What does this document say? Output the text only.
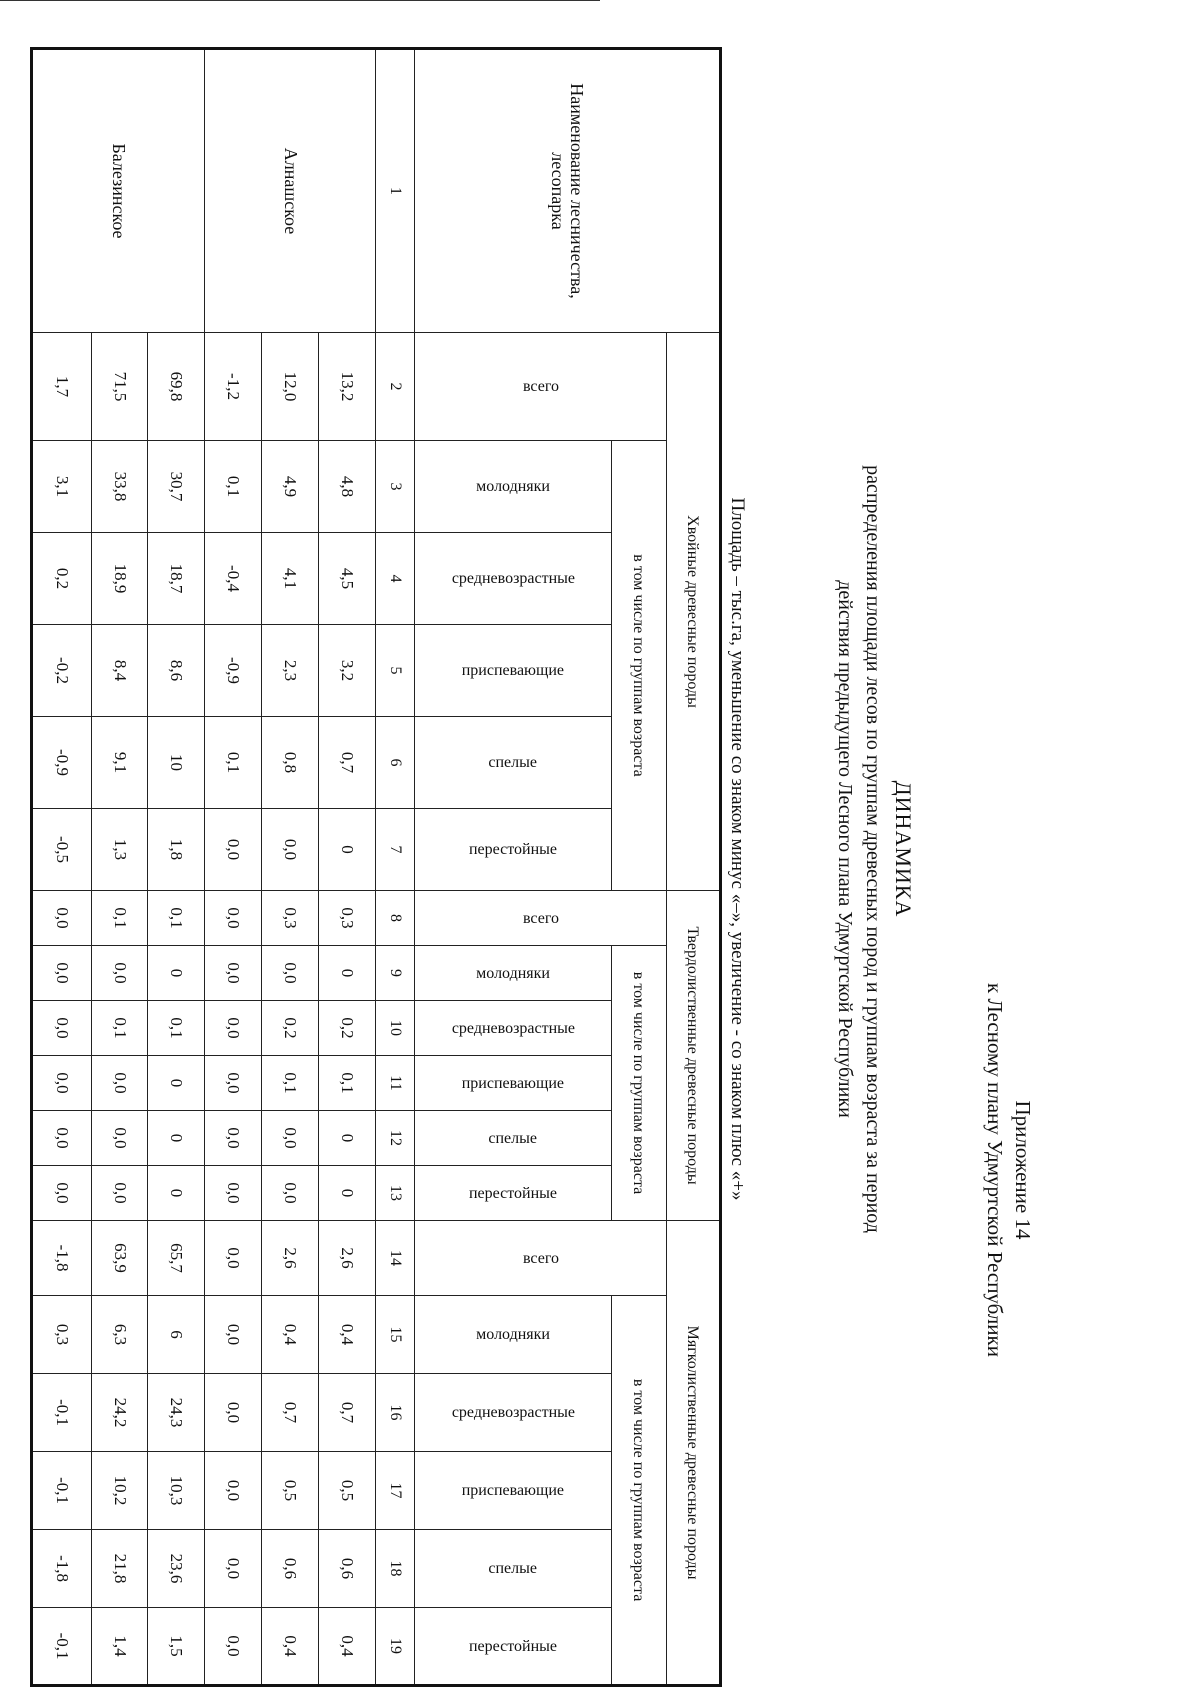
Приложение 14
к Лесному плану Удмуртской Республики
ДИНАМИКА
распределения площади лесов по группам древесных пород и группам возраста за период
действия предыдущего Лесного плана Удмуртской Республики
Площадь – тыс.га, уменьшение со знаком минус «–», увеличение - со знаком плюс «+»
Наименование лесничества, лесопарка	Хвойные древесные породы						Твердолиственные древесные породы						Мягколиственные древесные породы					

	всего	в том числе по группам возраста					всего	в том числе по группам возраста					всего	в том числе по группам возраста				

		молодняки	средневозрастные	приспевающие	спелые	перестойные		молодняки	средневозрастные	приспевающие	спелые	перестойные		молодняки	средневозрастные	приспевающие	спелые	перестойные

1	2	3	4	5	6	7	8	9	10	11	12	13	14	15	16	17	18	19
Алнашское	13,2	4,8	4,5	3,2	0,7	0	0,3	0	0,2	0,1	0	0	2,6	0,4	0,7	0,5	0,6	0,4
	12,0	4,9	4,1	2,3	0,8	0,0	0,3	0,0	0,2	0,1	0,0	0,0	2,6	0,4	0,7	0,5	0,6	0,4
	-1,2	0,1	-0,4	-0,9	0,1	0,0	0,0	0,0	0,0	0,0	0,0	0,0	0,0	0,0	0,0	0,0	0,0	0,0
Балезинское	69,8	30,7	18,7	8,6	10	1,8	0,1	0	0,1	0	0	0	65,7	6	24,3	10,3	23,6	1,5
	71,5	33,8	18,9	8,4	9,1	1,3	0,1	0,0	0,1	0,0	0,0	0,0	63,9	6,3	24,2	10,2	21,8	1,4
	1,7	3,1	0,2	-0,2	-0,9	-0,5	0,0	0,0	0,0	0,0	0,0	0,0	-1,8	0,3	-0,1	-0,1	-1,8	-0,1
